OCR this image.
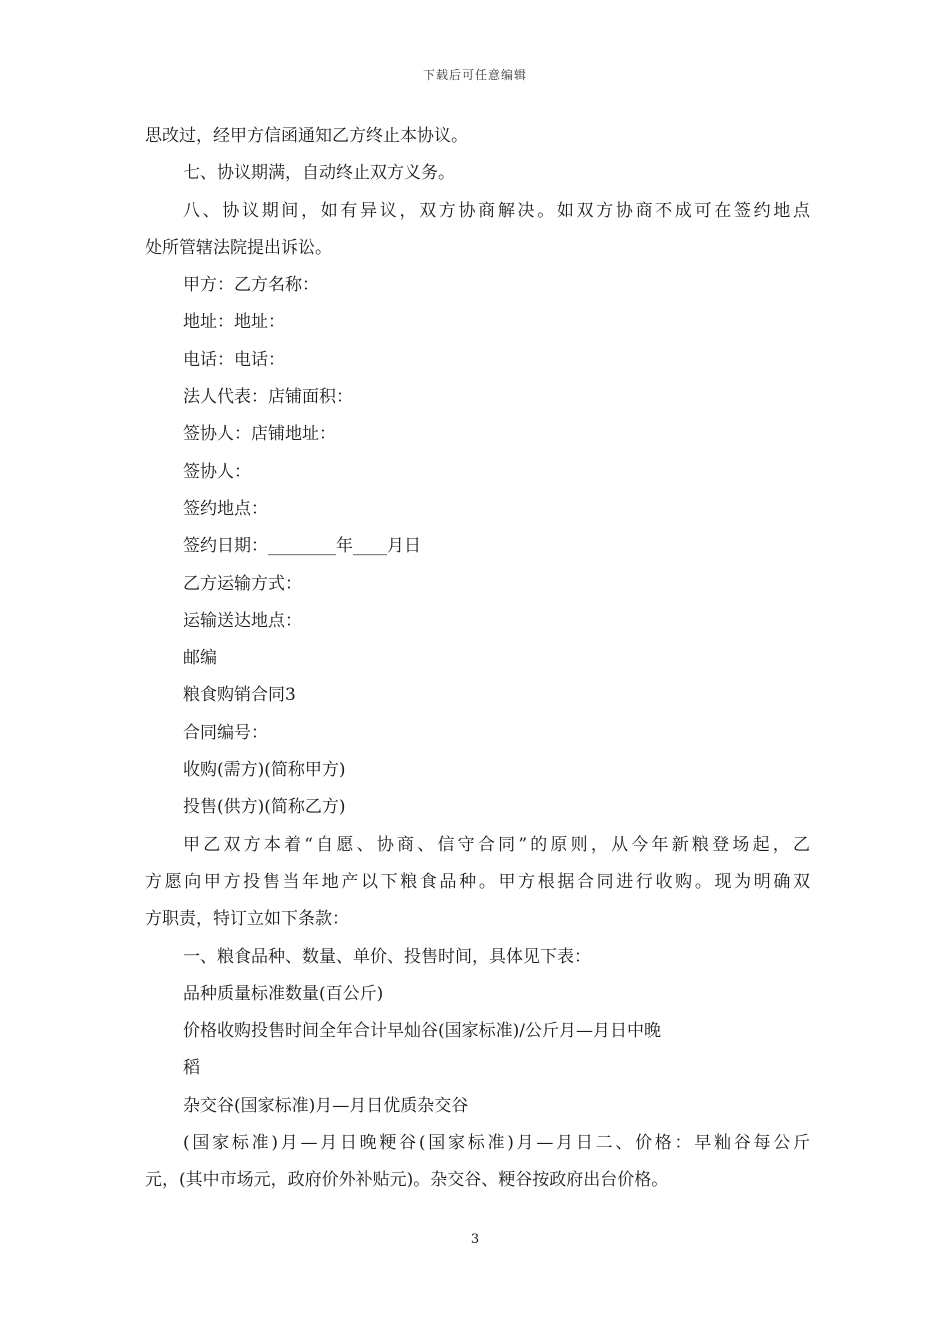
下载后可任意编辑
思改过，经甲方信函通知乙方终止本协议。
七、协议期满，自动终止双方义务。
八、协议期间，如有异议，双方协商解决。如双方协商不成可在签约地点
处所管辖法院提出诉讼。
甲方：乙方名称：
地址：地址：
电话：电话：
法人代表：店铺面积：
签协人：店铺地址：
签协人：
签约地点：
签约日期：________年____月日
乙方运输方式：
运输送达地点：
邮编
粮食购销合同3
合同编号：
收购(需方)(简称甲方)
投售(供方)(简称乙方)
甲乙双方本着“自愿、协商、信守合同”的原则，从今年新粮登场起，乙
方愿向甲方投售当年地产以下粮食品种。甲方根据合同进行收购。现为明确双
方职责，特订立如下条款：
一、粮食品种、数量、单价、投售时间，具体见下表：
品种质量标准数量(百公斤)
价格收购投售时间全年合计早灿谷(国家标准)/公斤月—月日中晚
稻
杂交谷(国家标准)月—月日优质杂交谷
(国家标准)月—月日晚粳谷(国家标准)月—月日二、价格：早籼谷每公斤
元，(其中市场元，政府价外补贴元)。杂交谷、粳谷按政府出台价格。
3
